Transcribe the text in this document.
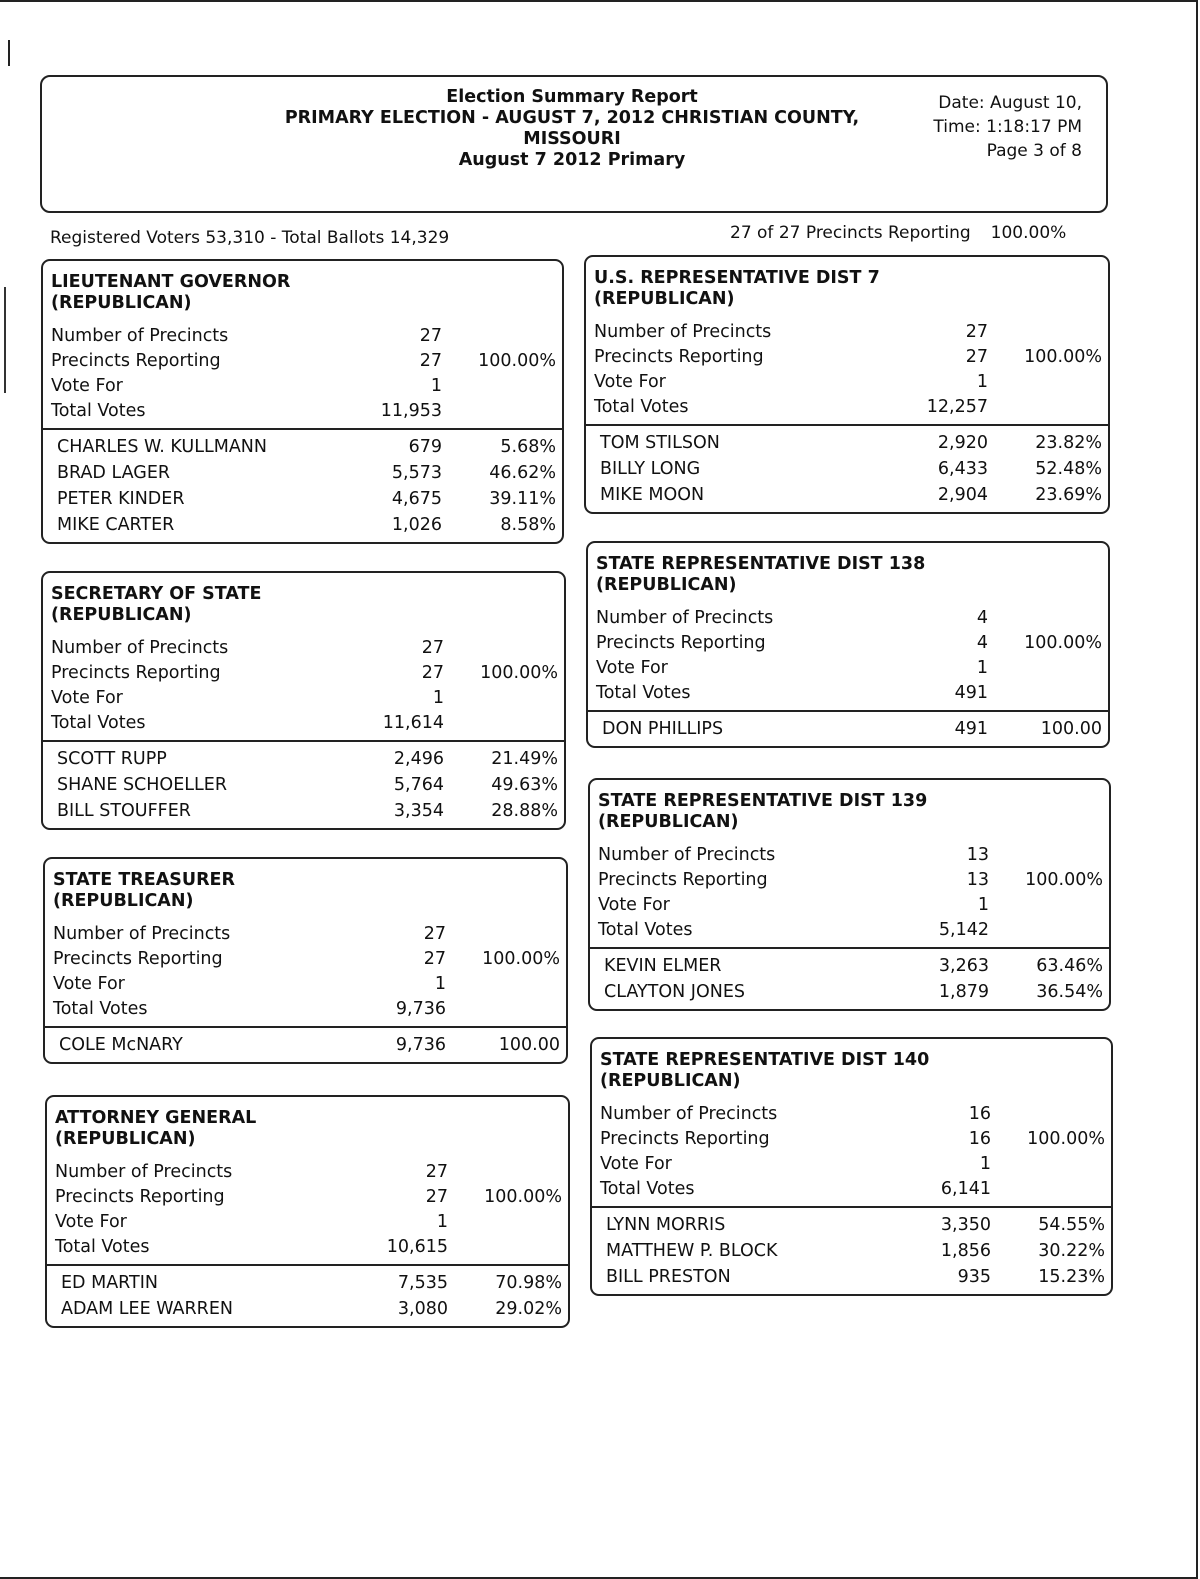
Election Summary Report
PRIMARY ELECTION - AUGUST 7, 2012 CHRISTIAN COUNTY,
MISSOURI
August 7 2012 Primary
Date: August 10,
Time: 1:18:17 PM
Page 3 of 8
Registered Voters 53,310 - Total Ballots 14,329	27 of 27 Precincts Reporting 100.00%
LIEUTENANT GOVERNOR
(REPUBLICAN)
Number of Precincts	27
Precincts Reporting	27 100.00%
Vote For	1
Total Votes	11,953
CHARLES W. KULLMANN	679	5.68%
BRAD LAGER	5,573	46.62%
PETER KINDER	4,675	39.11%
MIKE CARTER	1,026	8.58%
SECRETARY OF STATE
(REPUBLICAN)
Number of Precincts	27
Precincts Reporting	27 100.00%
Vote For	1
Total Votes	11,614
SCOTT RUPP	2,496	21.49%
SHANE SCHOELLER	5,764	49.63%
BILL STOUFFER	3,354	28.88%
STATE TREASURER
(REPUBLICAN)
Number of Precincts	27
Precincts Reporting	27 100.00%
Vote For	1
Total Votes	9,736
COLE McNARY	9,736	100.00
ATTORNEY GENERAL
(REPUBLICAN)
Number of Precincts	27
Precincts Reporting	27 100.00%
Vote For	1
Total Votes	10,615
ED MARTIN	7,535	70.98%
ADAM LEE WARREN	3,080	29.02%
U.S. REPRESENTATIVE DIST 7
(REPUBLICAN)
Number of Precincts	27
Precincts Reporting	27 100.00%
Vote For	1
Total Votes	12,257
TOM STILSON	2,920	23.82%
BILLY LONG	6,433	52.48%
MIKE MOON	2,904	23.69%
STATE REPRESENTATIVE DIST 138
(REPUBLICAN)
Number of Precincts	4
Precincts Reporting	4 100.00%
Vote For	1
Total Votes	491
DON PHILLIPS	491	100.00
STATE REPRESENTATIVE DIST 139
(REPUBLICAN)
Number of Precincts	13
Precincts Reporting	13 100.00%
Vote For	1
Total Votes	5,142
KEVIN ELMER	3,263	63.46%
CLAYTON JONES	1,879	36.54%
STATE REPRESENTATIVE DIST 140
(REPUBLICAN)
Number of Precincts	16
Precincts Reporting	16 100.00%
Vote For	1
Total Votes	6,141
LYNN MORRIS	3,350	54.55%
MATTHEW P. BLOCK	1,856	30.22%
BILL PRESTON	935	15.23%
